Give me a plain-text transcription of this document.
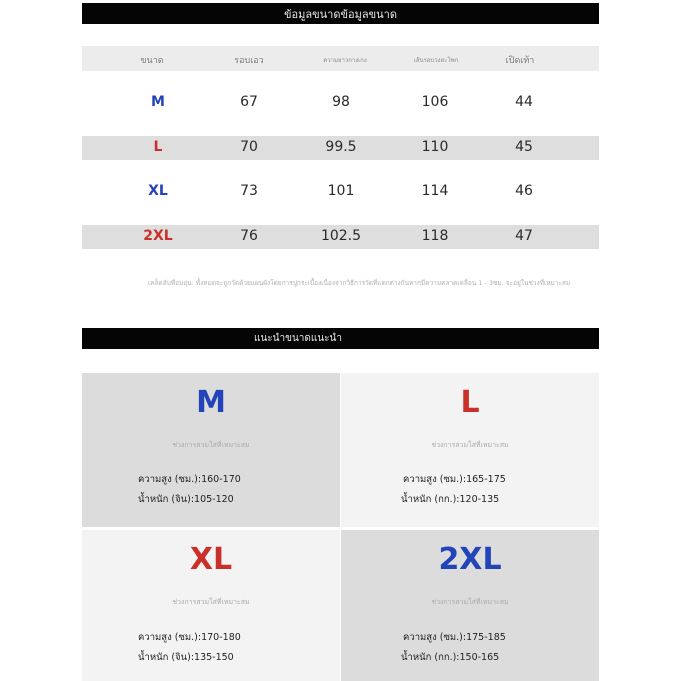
ข้อมูลขนาดข้อมูลขนาด
ขนาด	รอบเอว	ความยาวกางเกง	เส้นรอบวงสะโพก	เปิดเท้า
M	67	98	106	44
L	70	99.5	110	45
XL	73	101	114	46
2XL	76	102.5	118	47
เคล็ดลับที่อบอุ่น: ทั้งหมดจะถูกวัดด้วยแผนผังโดยการปูกระเบื้องเนื่องจากวิธีการวัดที่แตกต่างกันหากมีความคลาดเคลื่อน 1 - 3ซม. จะอยู่ในช่วงที่เหมาะสม
แนะนำขนาดแนะนำ
M
ช่วงการสวมใส่ที่เหมาะสม
ความสูง (ซม.):160-170
น้ำหนัก (จิน):105-120
L
ช่วงการสวมใส่ที่เหมาะสม
ความสูง (ซม.):165-175
น้ำหนัก (กก.):120-135
XL
ช่วงการสวมใส่ที่เหมาะสม
ความสูง (ซม.):170-180
น้ำหนัก (จิน):135-150
2XL
ช่วงการสวมใส่ที่เหมาะสม
ความสูง (ซม.):175-185
น้ำหนัก (กก.):150-165
